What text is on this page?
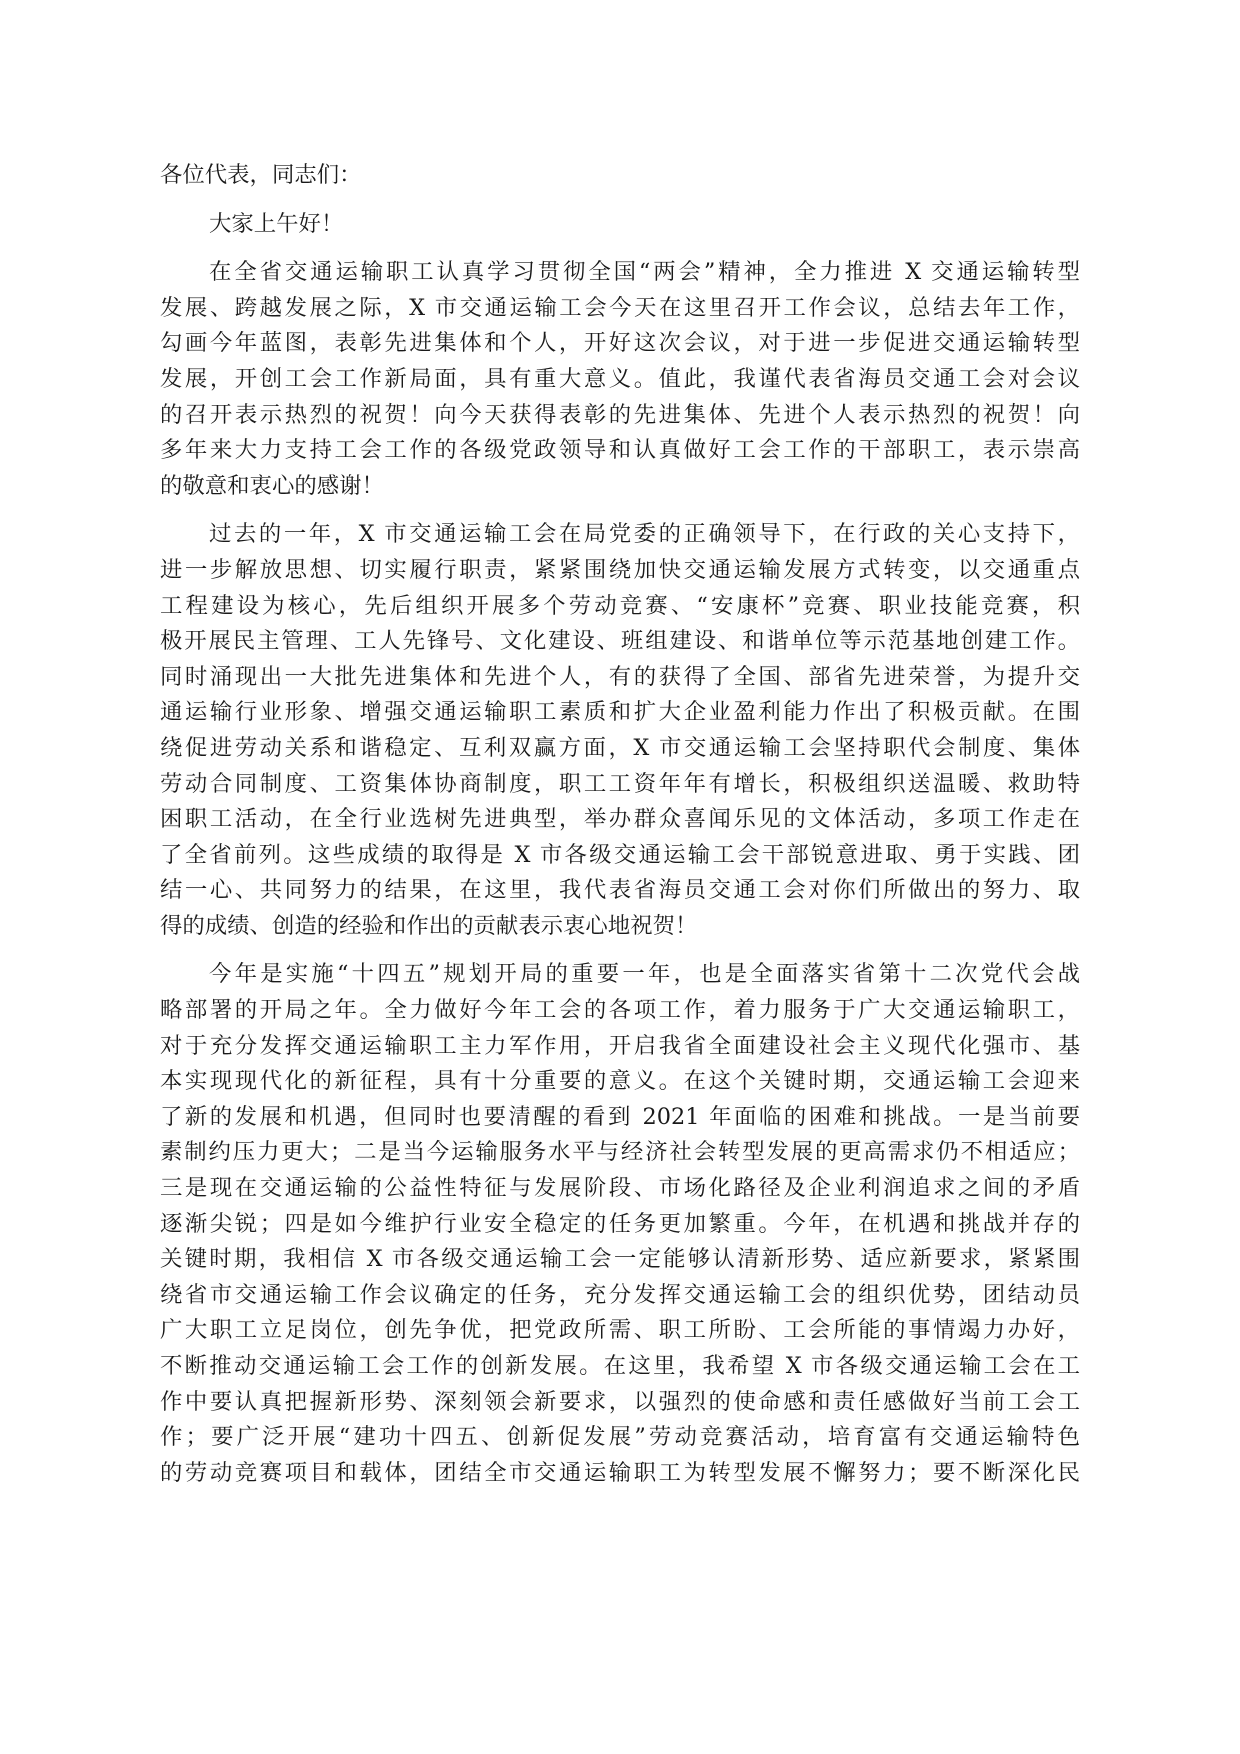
各位代表，同志们：
大家上午好！
在全省交通运输职工认真学习贯彻全国“两会”精神，全力推进 X 交通运输转型
发展、跨越发展之际，X 市交通运输工会今天在这里召开工作会议，总结去年工作，
勾画今年蓝图，表彰先进集体和个人，开好这次会议，对于进一步促进交通运输转型
发展，开创工会工作新局面，具有重大意义。值此，我谨代表省海员交通工会对会议
的召开表示热烈的祝贺！向今天获得表彰的先进集体、先进个人表示热烈的祝贺！向
多年来大力支持工会工作的各级党政领导和认真做好工会工作的干部职工，表示崇高
的敬意和衷心的感谢！
过去的一年，X 市交通运输工会在局党委的正确领导下，在行政的关心支持下，
进一步解放思想、切实履行职责，紧紧围绕加快交通运输发展方式转变，以交通重点
工程建设为核心，先后组织开展多个劳动竞赛、“安康杯”竞赛、职业技能竞赛，积
极开展民主管理、工人先锋号、文化建设、班组建设、和谐单位等示范基地创建工作。
同时涌现出一大批先进集体和先进个人，有的获得了全国、部省先进荣誉，为提升交
通运输行业形象、增强交通运输职工素质和扩大企业盈利能力作出了积极贡献。在围
绕促进劳动关系和谐稳定、互利双赢方面，X 市交通运输工会坚持职代会制度、集体
劳动合同制度、工资集体协商制度，职工工资年年有增长，积极组织送温暖、救助特
困职工活动，在全行业选树先进典型，举办群众喜闻乐见的文体活动，多项工作走在
了全省前列。这些成绩的取得是 X 市各级交通运输工会干部锐意进取、勇于实践、团
结一心、共同努力的结果，在这里，我代表省海员交通工会对你们所做出的努力、取
得的成绩、创造的经验和作出的贡献表示衷心地祝贺！
今年是实施“十四五”规划开局的重要一年，也是全面落实省第十二次党代会战
略部署的开局之年。全力做好今年工会的各项工作，着力服务于广大交通运输职工，
对于充分发挥交通运输职工主力军作用，开启我省全面建设社会主义现代化强市、基
本实现现代化的新征程，具有十分重要的意义。在这个关键时期，交通运输工会迎来
了新的发展和机遇，但同时也要清醒的看到 2021 年面临的困难和挑战。一是当前要
素制约压力更大；二是当今运输服务水平与经济社会转型发展的更高需求仍不相适应；
三是现在交通运输的公益性特征与发展阶段、市场化路径及企业利润追求之间的矛盾
逐渐尖锐；四是如今维护行业安全稳定的任务更加繁重。今年，在机遇和挑战并存的
关键时期，我相信 X 市各级交通运输工会一定能够认清新形势、适应新要求，紧紧围
绕省市交通运输工作会议确定的任务，充分发挥交通运输工会的组织优势，团结动员
广大职工立足岗位，创先争优，把党政所需、职工所盼、工会所能的事情竭力办好，
不断推动交通运输工会工作的创新发展。在这里，我希望 X 市各级交通运输工会在工
作中要认真把握新形势、深刻领会新要求，以强烈的使命感和责任感做好当前工会工
作；要广泛开展“建功十四五、创新促发展”劳动竞赛活动，培育富有交通运输特色
的劳动竞赛项目和载体，团结全市交通运输职工为转型发展不懈努力；要不断深化民
